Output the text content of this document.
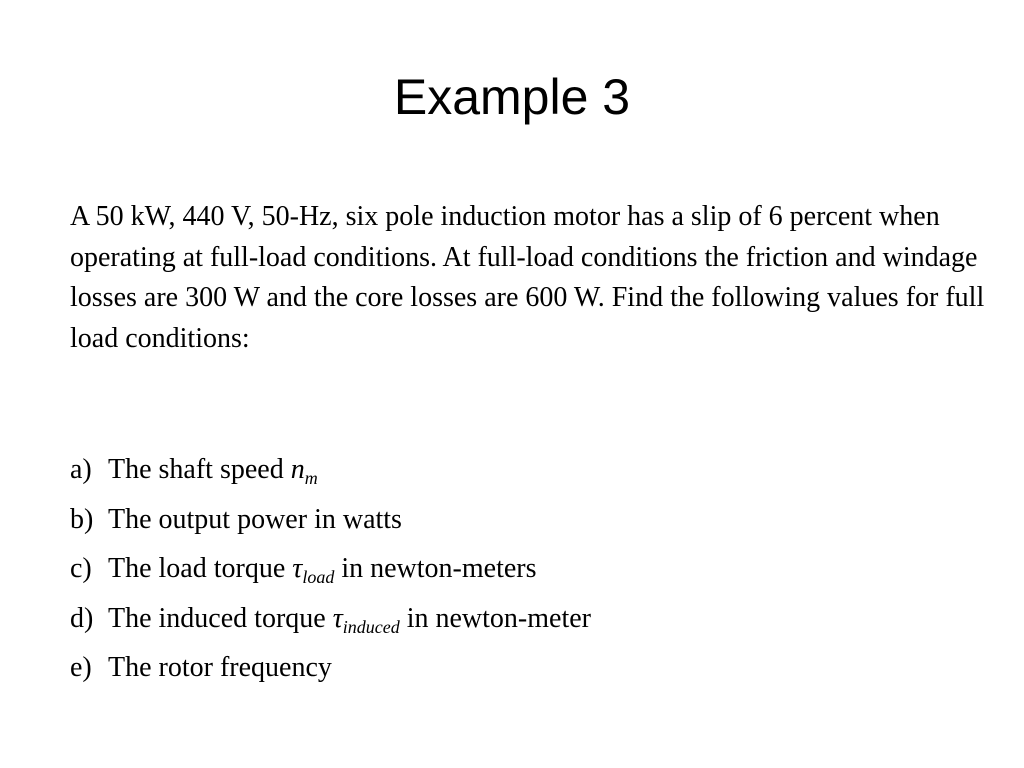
Example 3

A 50 kW, 440 V, 50-Hz, six pole induction motor has a slip of 6 percent when operating at full-load conditions. At full-load conditions the friction and windage losses are 300 W and the core losses are 600 W. Find the following values for full load conditions:

a) The shaft speed $n_m$
b) The output power in watts
c) The load torque $\tau_{load}$ in newton-meters
d) The induced torque $\tau_{induced}$ in newton-meter
e) The rotor frequency
